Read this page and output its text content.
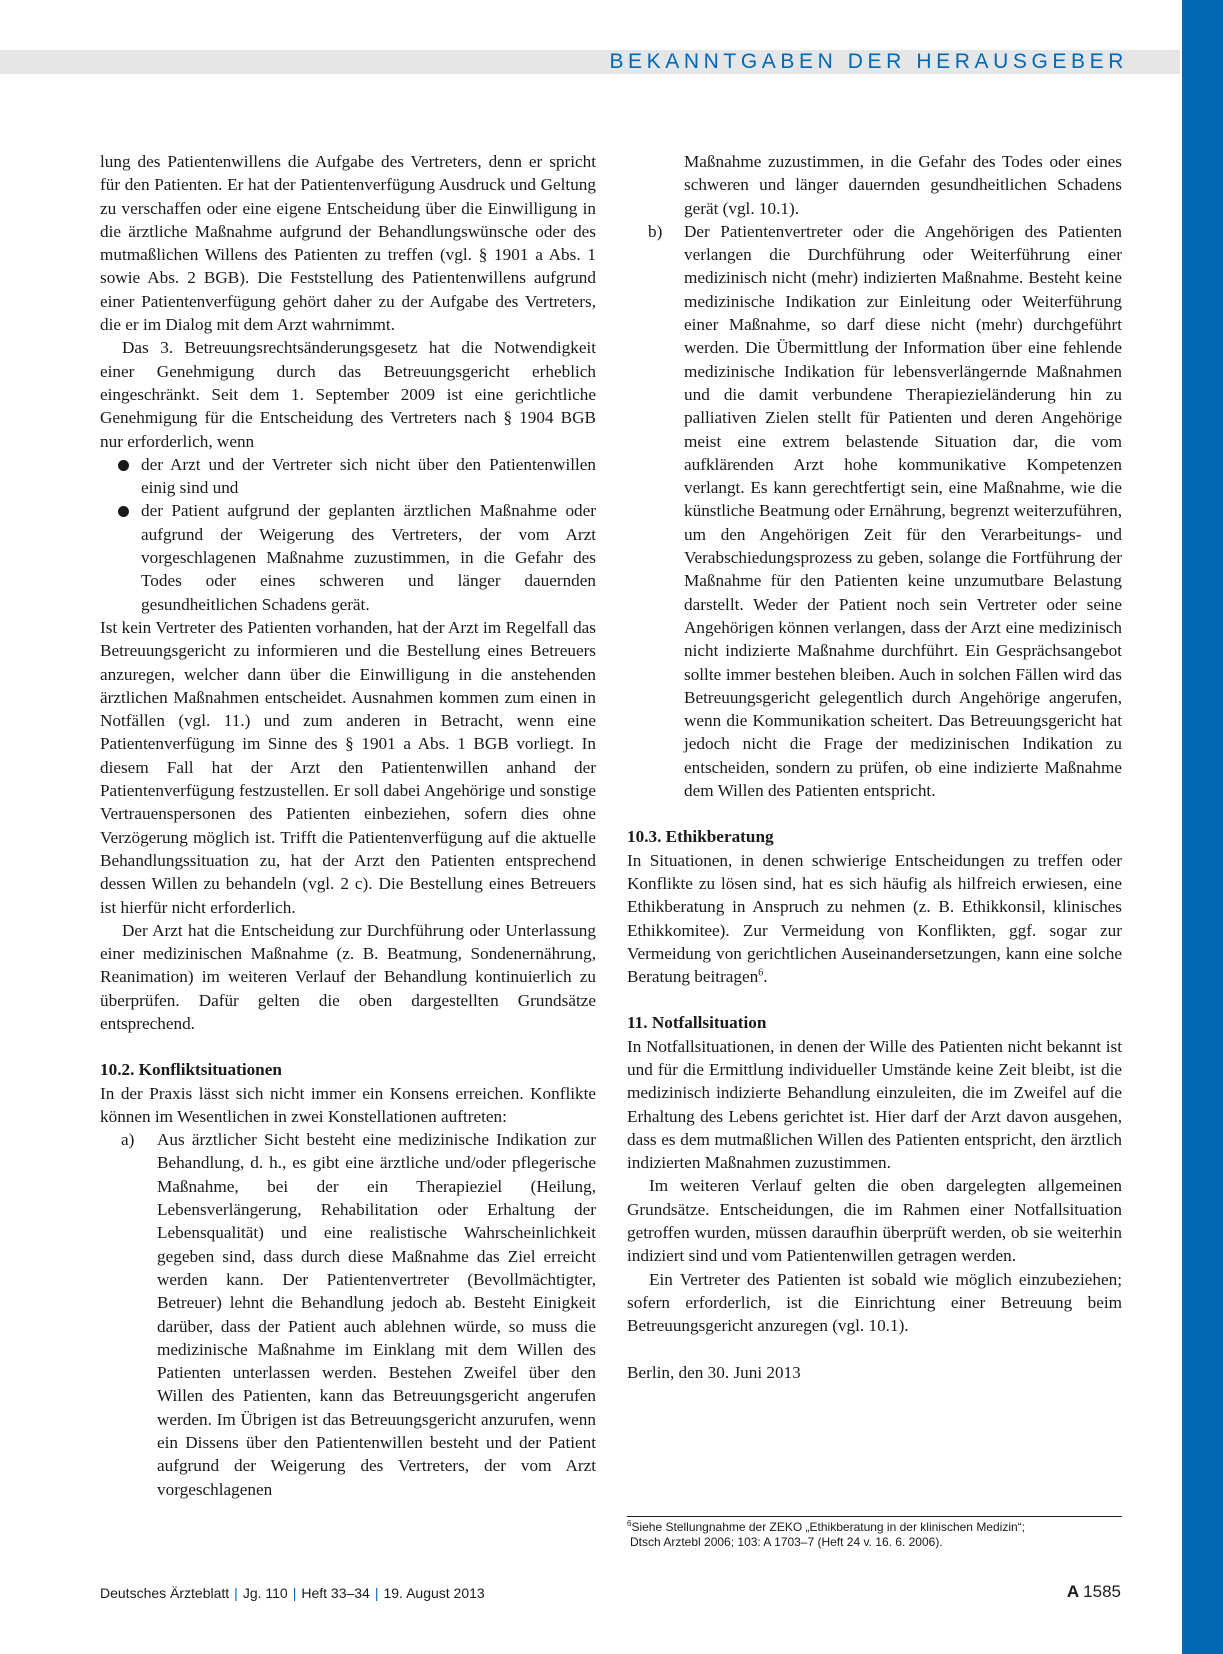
BEKANNTGABEN DER HERAUSGEBER

lung des Patientenwillens die Aufgabe des Vertreters, denn er spricht für den Patienten. Er hat der Patientenverfügung Ausdruck und Geltung zu verschaffen oder eine eigene Entscheidung über die Einwilligung in die ärztliche Maßnahme aufgrund der Behandlungswünsche oder des mutmaßlichen Willens des Patienten zu treffen (vgl. § 1901 a Abs. 1 sowie Abs. 2 BGB). Die Feststellung des Patientenwillens aufgrund einer Patientenverfügung gehört daher zu der Aufgabe des Vertreters, die er im Dialog mit dem Arzt wahrnimmt.

Das 3. Betreuungsrechtsänderungsgesetz hat die Notwendigkeit einer Genehmigung durch das Betreuungsgericht erheblich eingeschränkt. Seit dem 1. September 2009 ist eine gerichtliche Genehmigung für die Entscheidung des Vertreters nach § 1904 BGB nur erforderlich, wenn

der Arzt und der Vertreter sich nicht über den Patientenwillen einig sind und
der Patient aufgrund der geplanten ärztlichen Maßnahme oder aufgrund der Weigerung des Vertreters, der vom Arzt vorgeschlagenen Maßnahme zuzustimmen, in die Gefahr des Todes oder eines schweren und länger dauernden gesundheitlichen Schadens gerät.

Ist kein Vertreter des Patienten vorhanden, hat der Arzt im Regelfall das Betreuungsgericht zu informieren und die Bestellung eines Betreuers anzuregen, welcher dann über die Einwilligung in die anstehenden ärztlichen Maßnahmen entscheidet. Ausnahmen kommen zum einen in Notfällen (vgl. 11.) und zum anderen in Betracht, wenn eine Patientenverfügung im Sinne des § 1901 a Abs. 1 BGB vorliegt. In diesem Fall hat der Arzt den Patientenwillen anhand der Patientenverfügung festzustellen. Er soll dabei Angehörige und sonstige Vertrauenspersonen des Patienten einbeziehen, sofern dies ohne Verzögerung möglich ist. Trifft die Patientenverfügung auf die aktuelle Behandlungssituation zu, hat der Arzt den Patienten entsprechend dessen Willen zu behandeln (vgl. 2 c). Die Bestellung eines Betreuers ist hierfür nicht erforderlich.

Der Arzt hat die Entscheidung zur Durchführung oder Unterlassung einer medizinischen Maßnahme (z. B. Beatmung, Sondenernährung, Reanimation) im weiteren Verlauf der Behandlung kontinuierlich zu überprüfen. Dafür gelten die oben dargestellten Grundsätze entsprechend.

10.2. Konfliktsituationen

In der Praxis lässt sich nicht immer ein Konsens erreichen. Konflikte können im Wesentlichen in zwei Konstellationen auftreten:

a) Aus ärztlicher Sicht besteht eine medizinische Indikation zur Behandlung, d. h., es gibt eine ärztliche und/oder pflegerische Maßnahme, bei der ein Therapieziel (Heilung, Lebensverlängerung, Rehabilitation oder Erhaltung der Lebensqualität) und eine realistische Wahrscheinlichkeit gegeben sind, dass durch diese Maßnahme das Ziel erreicht werden kann. Der Patientenvertreter (Bevollmächtigter, Betreuer) lehnt die Behandlung jedoch ab. Besteht Einigkeit darüber, dass der Patient auch ablehnen würde, so muss die medizinische Maßnahme im Einklang mit dem Willen des Patienten unterlassen werden. Bestehen Zweifel über den Willen des Patienten, kann das Betreuungsgericht angerufen werden. Im Übrigen ist das Betreuungsgericht anzurufen, wenn ein Dissens über den Patientenwillen besteht und der Patient aufgrund der Weigerung des Vertreters, der vom Arzt vorgeschlagenen
Maßnahme zuzustimmen, in die Gefahr des Todes oder eines schweren und länger dauernden gesundheitlichen Schadens gerät (vgl. 10.1).
b) Der Patientenvertreter oder die Angehörigen des Patienten verlangen die Durchführung oder Weiterführung einer medizinisch nicht (mehr) indizierten Maßnahme. Besteht keine medizinische Indikation zur Einleitung oder Weiterführung einer Maßnahme, so darf diese nicht (mehr) durchgeführt werden. Die Übermittlung der Information über eine fehlende medizinische Indikation für lebensverlängernde Maßnahmen und die damit verbundene Therapiezieländerung hin zu palliativen Zielen stellt für Patienten und deren Angehörige meist eine extrem belastende Situation dar, die vom aufklärenden Arzt hohe kommunikative Kompetenzen verlangt. Es kann gerechtfertigt sein, eine Maßnahme, wie die künstliche Beatmung oder Ernährung, begrenzt weiterzuführen, um den Angehörigen Zeit für den Verarbeitungs- und Verabschiedungsprozess zu geben, solange die Fortführung der Maßnahme für den Patienten keine unzumutbare Belastung darstellt. Weder der Patient noch sein Vertreter oder seine Angehörigen können verlangen, dass der Arzt eine medizinisch nicht indizierte Maßnahme durchführt. Ein Gesprächsangebot sollte immer bestehen bleiben. Auch in solchen Fällen wird das Betreuungsgericht gelegentlich durch Angehörige angerufen, wenn die Kommunikation scheitert. Das Betreuungsgericht hat jedoch nicht die Frage der medizinischen Indikation zu entscheiden, sondern zu prüfen, ob eine indizierte Maßnahme dem Willen des Patienten entspricht.

10.3. Ethikberatung

In Situationen, in denen schwierige Entscheidungen zu treffen oder Konflikte zu lösen sind, hat es sich häufig als hilfreich erwiesen, eine Ethikberatung in Anspruch zu nehmen (z. B. Ethikkonsil, klinisches Ethikkomitee). Zur Vermeidung von Konflikten, ggf. sogar zur Vermeidung von gerichtlichen Auseinandersetzungen, kann eine solche Beratung beitragen$^6$.

11. Notfallsituation

In Notfallsituationen, in denen der Wille des Patienten nicht bekannt ist und für die Ermittlung individueller Umstände keine Zeit bleibt, ist die medizinisch indizierte Behandlung einzuleiten, die im Zweifel auf die Erhaltung des Lebens gerichtet ist. Hier darf der Arzt davon ausgehen, dass es dem mutmaßlichen Willen des Patienten entspricht, den ärztlich indizierten Maßnahmen zuzustimmen.

Im weiteren Verlauf gelten die oben dargelegten allgemeinen Grundsätze. Entscheidungen, die im Rahmen einer Notfallsituation getroffen wurden, müssen daraufhin überprüft werden, ob sie weiterhin indiziert sind und vom Patientenwillen getragen werden.

Ein Vertreter des Patienten ist sobald wie möglich einzubeziehen; sofern erforderlich, ist die Einrichtung einer Betreuung beim Betreuungsgericht anzuregen (vgl. 10.1).

Berlin, den 30. Juni 2013

$^6$Siehe Stellungnahme der ZEKO „Ethikberatung in der klinischen Medizin“;
Dtsch Arztebl 2006; 103: A 1703–7 (Heft 24 v. 16. 6. 2006).
Deutsches Ärzteblatt | Jg. 110 | Heft 33–34 | 19. August 2013	A 1585
